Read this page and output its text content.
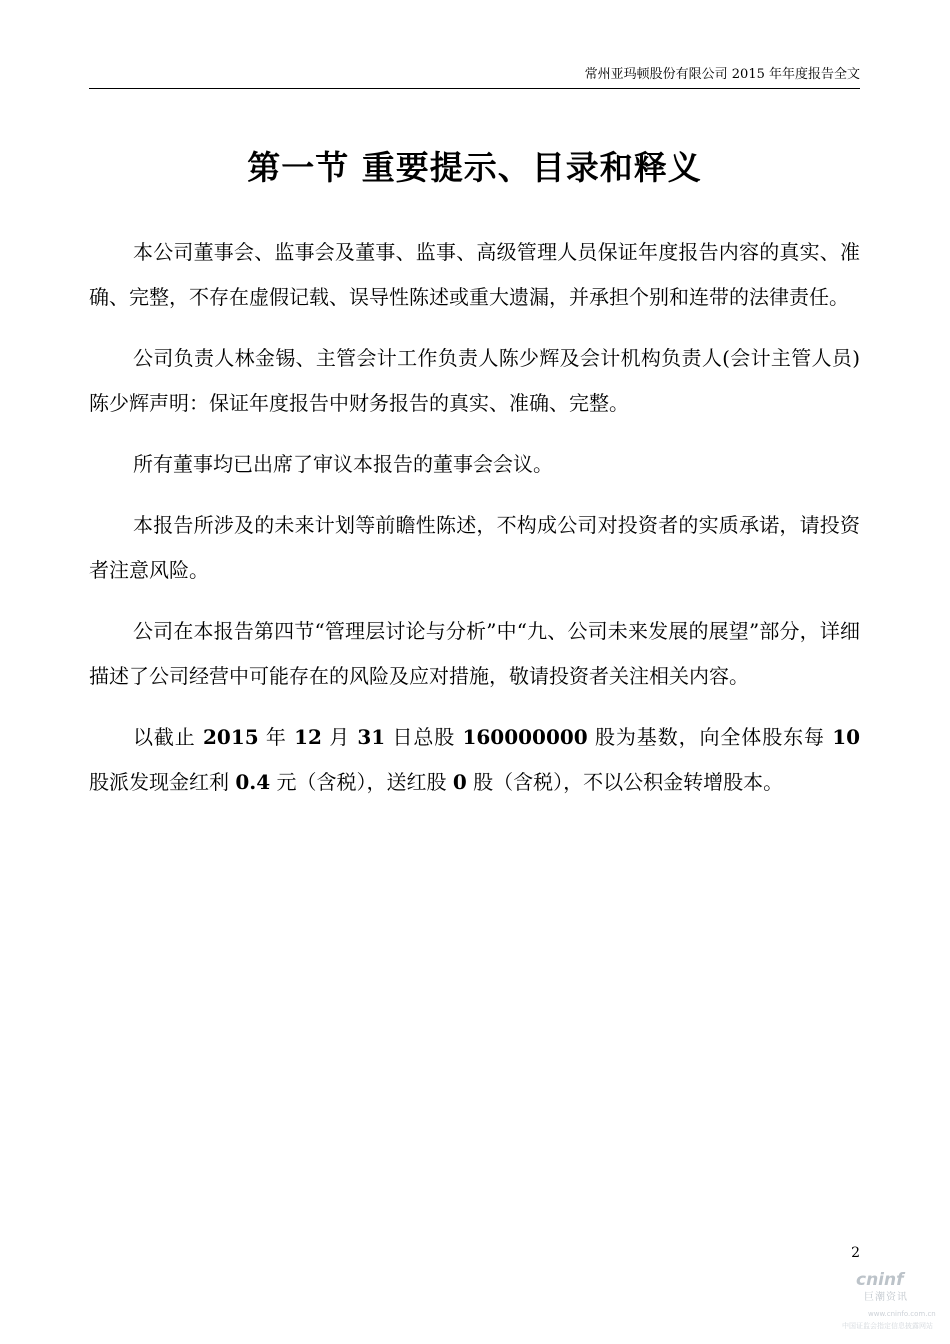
常州亚玛顿股份有限公司 2015 年年度报告全文
第一节 重要提示、目录和释义

本公司董事会、监事会及董事、监事、高级管理人员保证年度报告内容的真实、准确、完整，不存在虚假记载、误导性陈述或重大遗漏，并承担个别和连带的法律责任。

公司负责人林金锡、主管会计工作负责人陈少辉及会计机构负责人(会计主管人员)陈少辉声明：保证年度报告中财务报告的真实、准确、完整。

所有董事均已出席了审议本报告的董事会会议。

本报告所涉及的未来计划等前瞻性陈述，不构成公司对投资者的实质承诺，请投资者注意风险。

公司在本报告第四节“管理层讨论与分析”中“九、公司未来发展的展望”部分，详细描述了公司经营中可能存在的风险及应对措施，敬请投资者关注相关内容。

以截止 2015 年 12 月 31 日总股 160000000 股为基数，向全体股东每 10 股派发现金红利 0.4 元（含税），送红股 0 股（含税），不以公积金转增股本。

2
cninf
巨潮资讯
www.cninfo.com.cn
中国证监会指定信息披露网站
